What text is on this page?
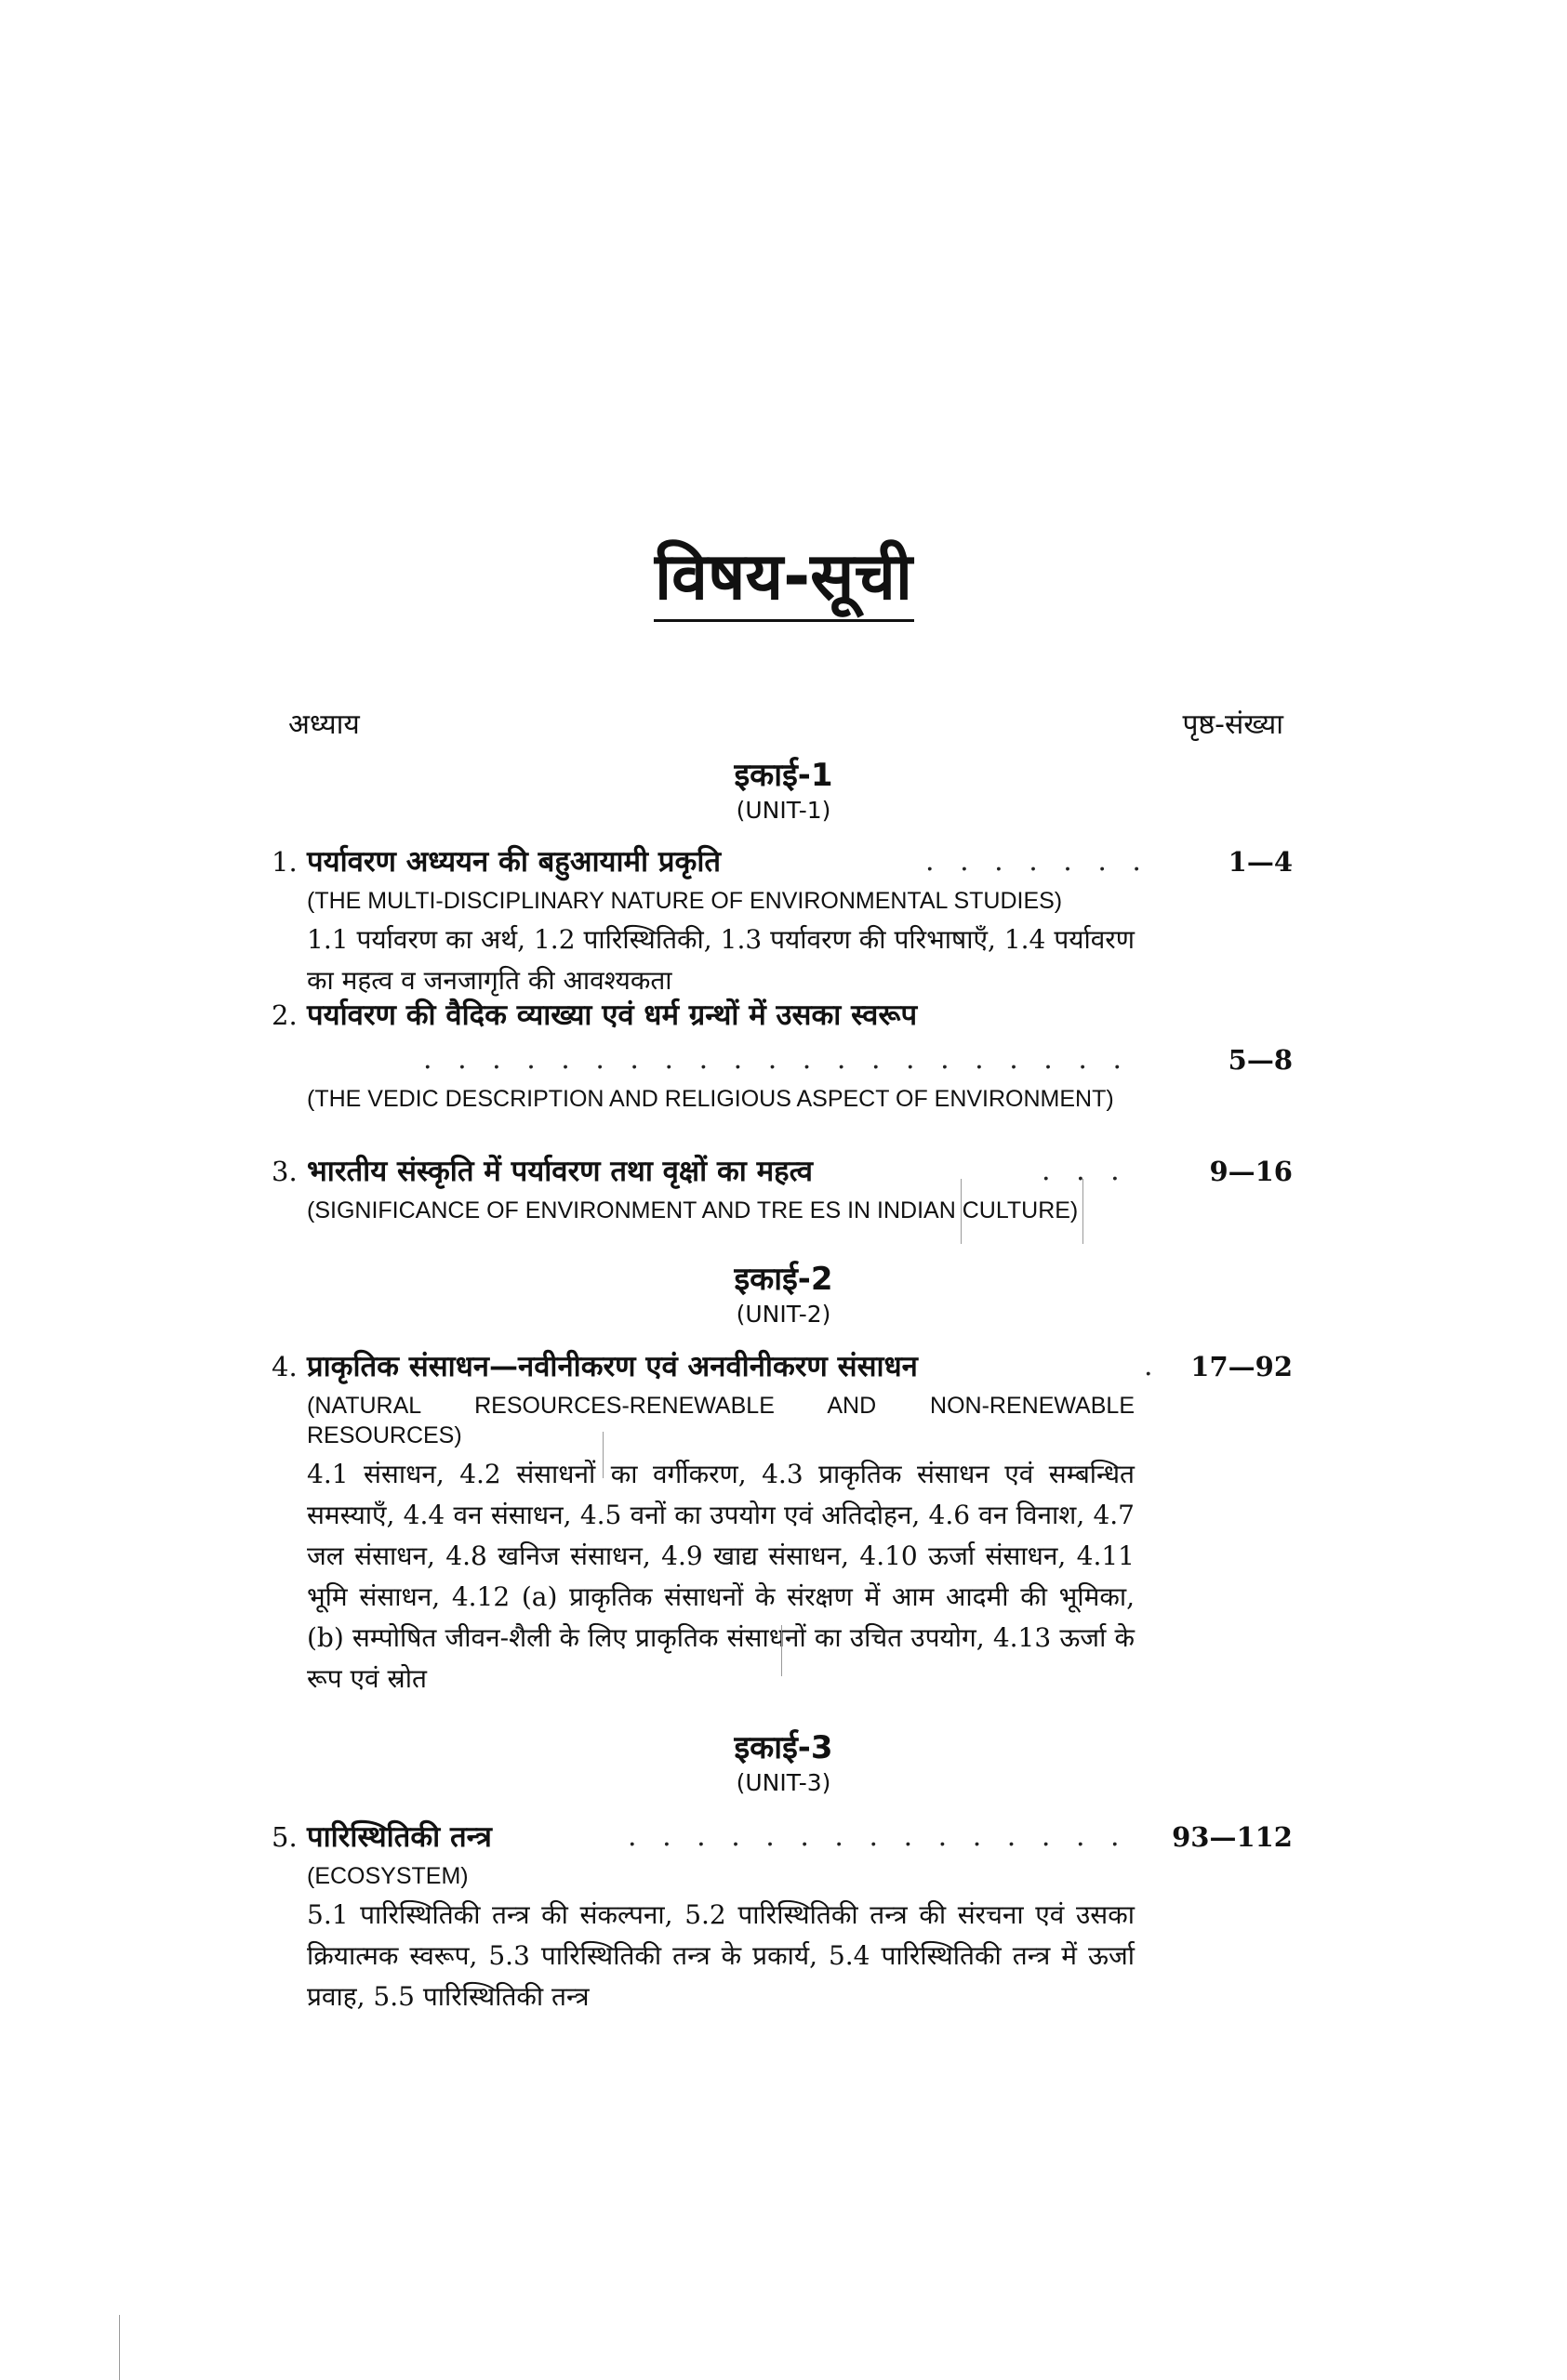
विषय-सूची
अध्याय	पृष्ठ-संख्या
इकाई-1
(UNIT-1)
1. पर्यावरण अध्ययन की बहुआयामी प्रकृति	. . . . . . .	1—4
(THE MULTI-DISCIPLINARY NATURE OF ENVIRONMENTAL STUDIES)
1.1 पर्यावरण का अर्थ, 1.2 पारिस्थितिकी, 1.3 पर्यावरण की परिभाषाएँ, 1.4 पर्यावरण का महत्व व जनजागृति की आवश्यकता
2. पर्यावरण की वैदिक व्याख्या एवं धर्म ग्रन्थों में उसका स्वरूप
. . . . . . . . . . . . . . . . . . . . .	5—8
(THE VEDIC DESCRIPTION AND RELIGIOUS ASPECT OF ENVIRONMENT)
3. भारतीय संस्कृति में पर्यावरण तथा वृक्षों का महत्व	. . .	9—16
(SIGNIFICANCE OF ENVIRONMENT AND TRE ES IN INDIAN CULTURE)
इकाई-2
(UNIT-2)
4. प्राकृतिक संसाधन—नवीनीकरण एवं अनवीनीकरण संसाधन	. 17—92
(NATURAL RESOURCES-RENEWABLE AND NON-RENEWABLE RESOURCES)
4.1 संसाधन, 4.2 संसाधनों का वर्गीकरण, 4.3 प्राकृतिक संसाधन एवं सम्बन्धित समस्याएँ, 4.4 वन संसाधन, 4.5 वनों का उपयोग एवं अतिदोहन, 4.6 वन विनाश, 4.7 जल संसाधन, 4.8 खनिज संसाधन, 4.9 खाद्य संसाधन, 4.10 ऊर्जा संसाधन, 4.11 भूमि संसाधन, 4.12 (a) प्राकृतिक संसाधनों के संरक्षण में आम आदमी की भूमिका, (b) सम्पोषित जीवन-शैली के लिए प्राकृतिक संसाधनों का उचित उपयोग, 4.13 ऊर्जा के रूप एवं स्रोत
इकाई-3
(UNIT-3)
5. पारिस्थितिकी तन्त्र	. . . . . . . . . . . . . . . 93—112
(ECOSYSTEM)
5.1 पारिस्थितिकी तन्त्र की संकल्पना, 5.2 पारिस्थितिकी तन्त्र की संरचना एवं उसका क्रियात्मक स्वरूप, 5.3 पारिस्थितिकी तन्त्र के प्रकार्य, 5.4 पारिस्थितिकी तन्त्र में ऊर्जा प्रवाह, 5.5 पारिस्थितिकी तन्त्र
